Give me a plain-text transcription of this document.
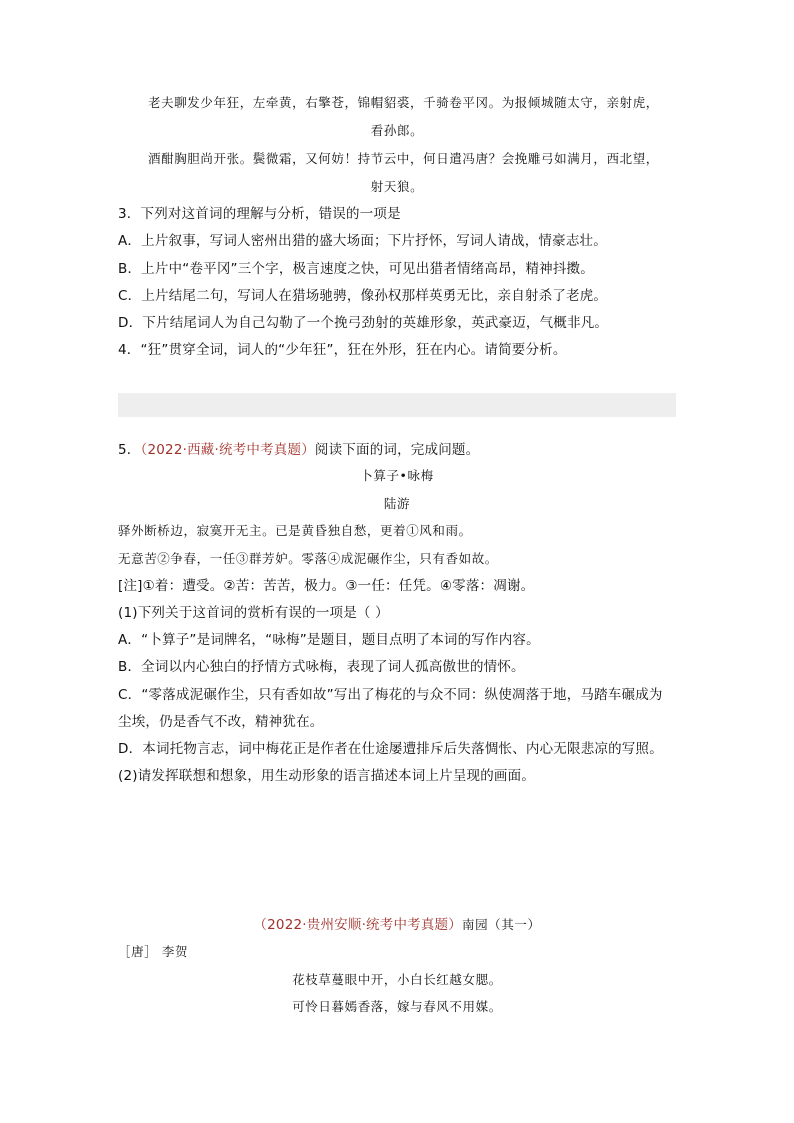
老夫聊发少年狂，左牵黄，右擎苍，锦帽貂裘，千骑卷平冈。为报倾城随太守，亲射虎，
看孙郎。
酒酣胸胆尚开张。鬓微霜，又何妨！持节云中，何日遣冯唐？会挽雕弓如满月，西北望，
射天狼。
3．下列对这首词的理解与分析，错误的一项是
A．上片叙事，写词人密州出猎的盛大场面；下片抒怀，写词人请战，情豪志壮。
B．上片中“卷平冈”三个字，极言速度之快，可见出猎者情绪高昂，精神抖擞。
C．上片结尾二句，写词人在猎场驰骋，像孙权那样英勇无比，亲自射杀了老虎。
D．下片结尾词人为自己勾勒了一个挽弓劲射的英雄形象，英武豪迈，气概非凡。
4．“狂”贯穿全词，词人的“少年狂”，狂在外形，狂在内心。请简要分析。
5．（2022·西藏·统考中考真题）阅读下面的词，完成问题。
卜算子•咏梅
陆游
驿外断桥边，寂寞开无主。已是黄昏独自愁，更着①风和雨。
无意苦②争春，一任③群芳妒。零落④成泥碾作尘，只有香如故。
[注]①着：遭受。②苦：苦苦，极力。③一任：任凭。④零落：凋谢。
(1)下列关于这首词的赏析有误的一项是（ ）
A．“卜算子”是词牌名，“咏梅”是题目，题目点明了本词的写作内容。
B．全词以内心独白的抒情方式咏梅，表现了词人孤高傲世的情怀。
C．“零落成泥碾作尘，只有香如故”写出了梅花的与众不同：纵使凋落于地，马踏车碾成为
尘埃，仍是香气不改，精神犹在。
D．本词托物言志，词中梅花正是作者在仕途屡遭排斥后失落惆怅、内心无限悲凉的写照。
(2)请发挥联想和想象，用生动形象的语言描述本词上片呈现的画面。
（2022·贵州安顺·统考中考真题）南园（其一）
［唐］ 李贺
花枝草蔓眼中开，小白长红越女腮。
可怜日暮嫣香落，嫁与春风不用媒。
